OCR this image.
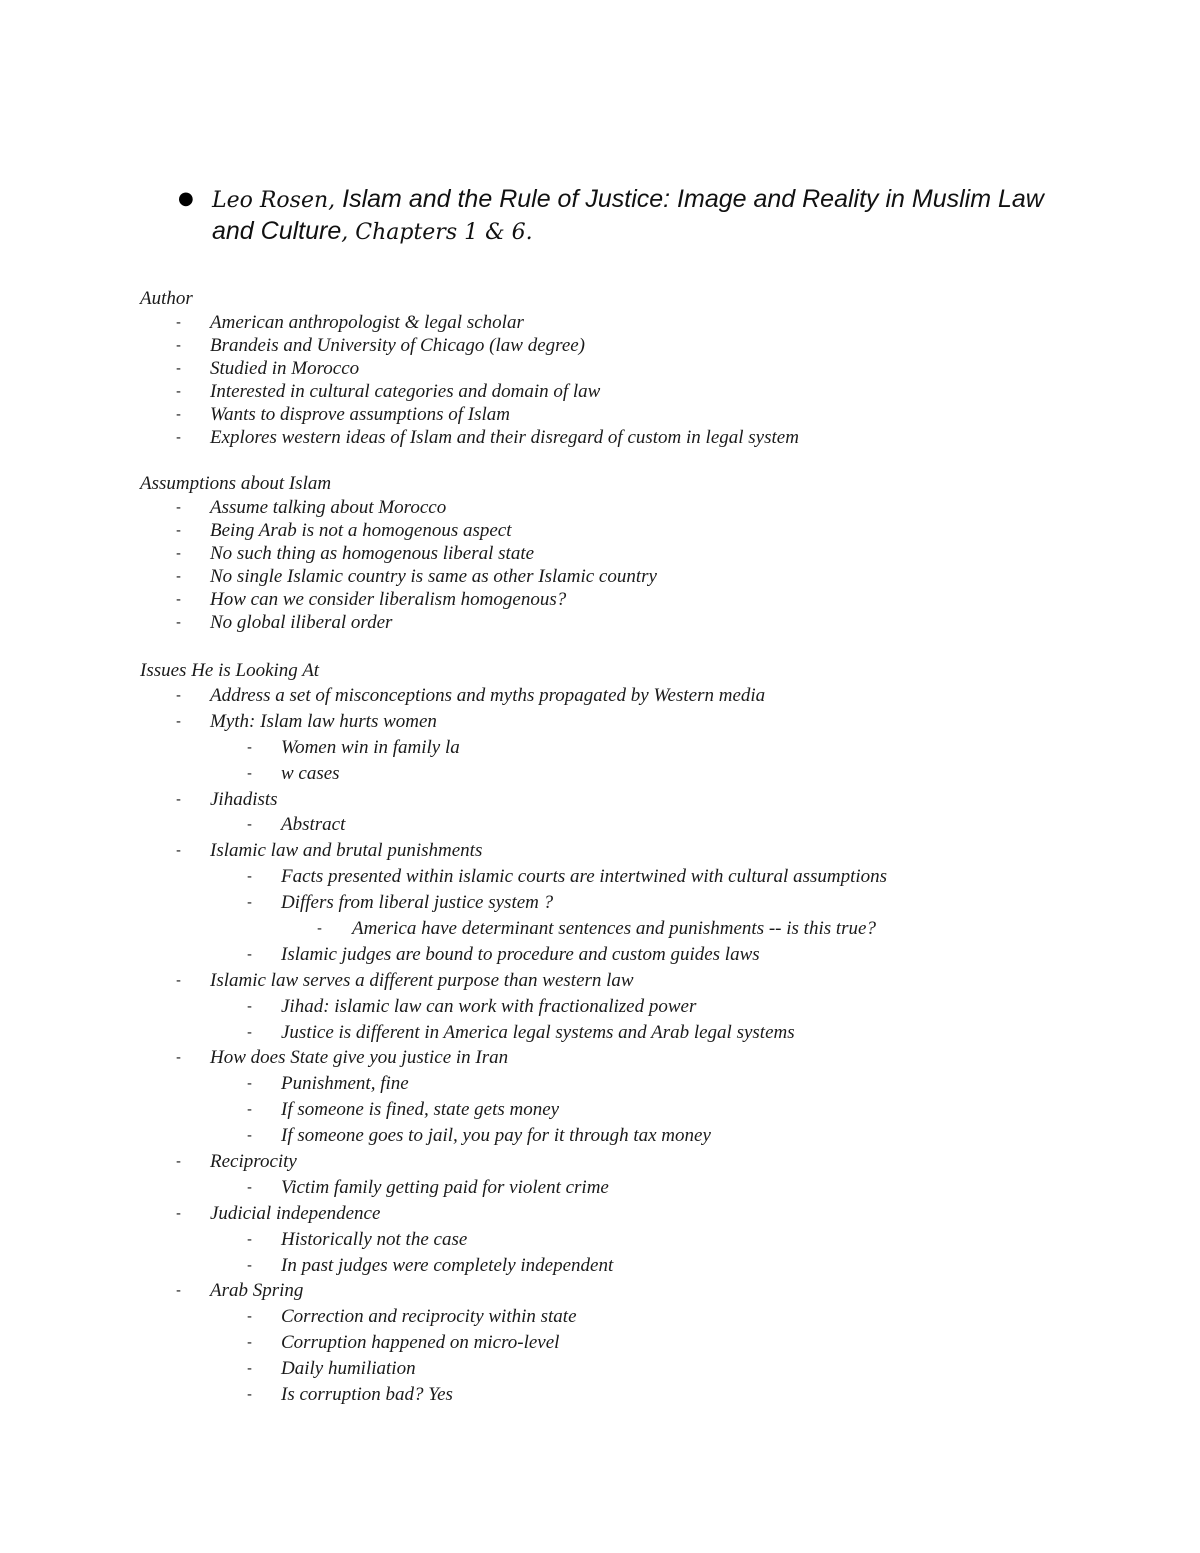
● Leo Rosen, Islam and the Rule of Justice: Image and Reality in Muslim Law and Culture, Chapters 1 & 6.
Author
- American anthropologist & legal scholar
- Brandeis and University of Chicago (law degree)
- Studied in Morocco
- Interested in cultural categories and domain of law
- Wants to disprove assumptions of Islam
- Explores western ideas of Islam and their disregard of custom in legal system
Assumptions about Islam
- Assume talking about Morocco
- Being Arab is not a homogenous aspect
- No such thing as homogenous liberal state
- No single Islamic country is same as other Islamic country
- How can we consider liberalism homogenous?
- No global iliberal order
Issues He is Looking At
- Address a set of misconceptions and myths propagated by Western media
- Myth: Islam law hurts women
- Women win in family la
- w cases
- Jihadists
- Abstract
- Islamic law and brutal punishments
- Facts presented within islamic courts are intertwined with cultural assumptions
- Differs from liberal justice system ?
- America have determinant sentences and punishments -- is this true?
- Islamic judges are bound to procedure and custom guides laws
- Islamic law serves a different purpose than western law
- Jihad: islamic law can work with fractionalized power
- Justice is different in America legal systems and Arab legal systems
- How does State give you justice in Iran
- Punishment, fine
- If someone is fined, state gets money
- If someone goes to jail, you pay for it through tax money
- Reciprocity
- Victim family getting paid for violent crime
- Judicial independence
- Historically not the case
- In past judges were completely independent
- Arab Spring
- Correction and reciprocity within state
- Corruption happened on micro-level
- Daily humiliation
- Is corruption bad? Yes
